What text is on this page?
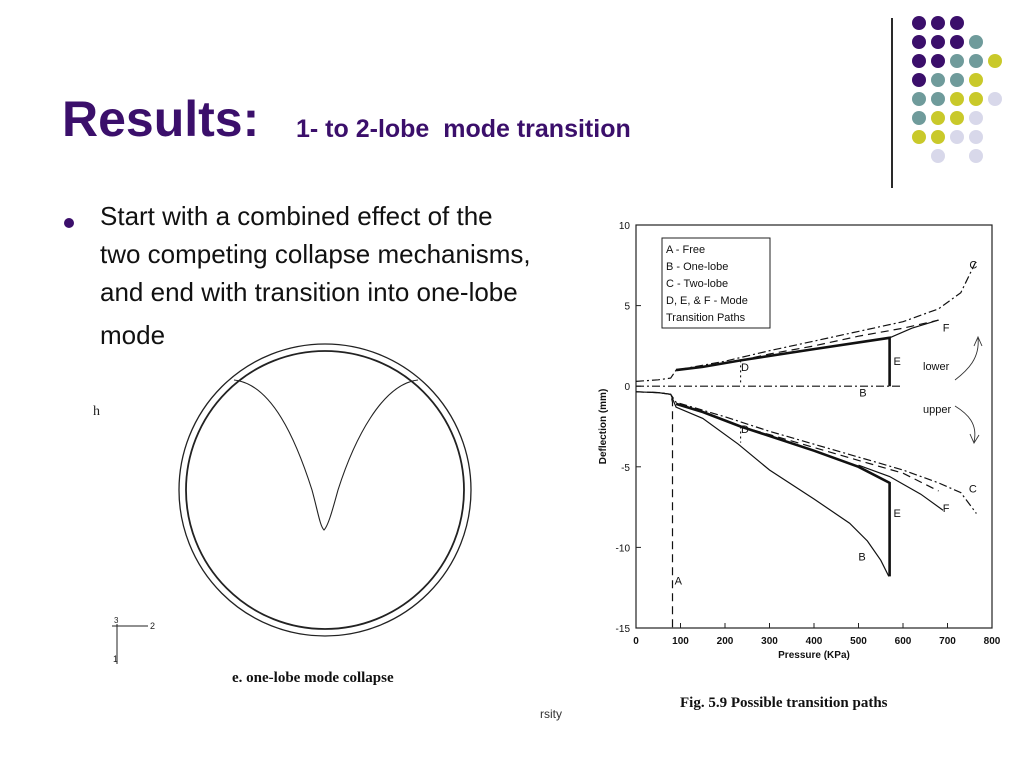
Results: 1- to 2-lobe  mode transition
Start with a combined effect of the
two competing collapse mechanisms,
and end with transition into one-lobe
mode
h
3
2
1
e. one-lobe mode collapse
rsity
0	100	200	300	400	500	600	700	800
10
5
0
-5
-10
-15
A
B
B
C
C
D
D
E
E
F
F
Pressure (KPa)
Deflection (mm)
A - Free
B - One-lobe
C - Two-lobe
D, E, & F - Mode
Transition Paths
lower
upper
Fig. 5.9 Possible transition paths
